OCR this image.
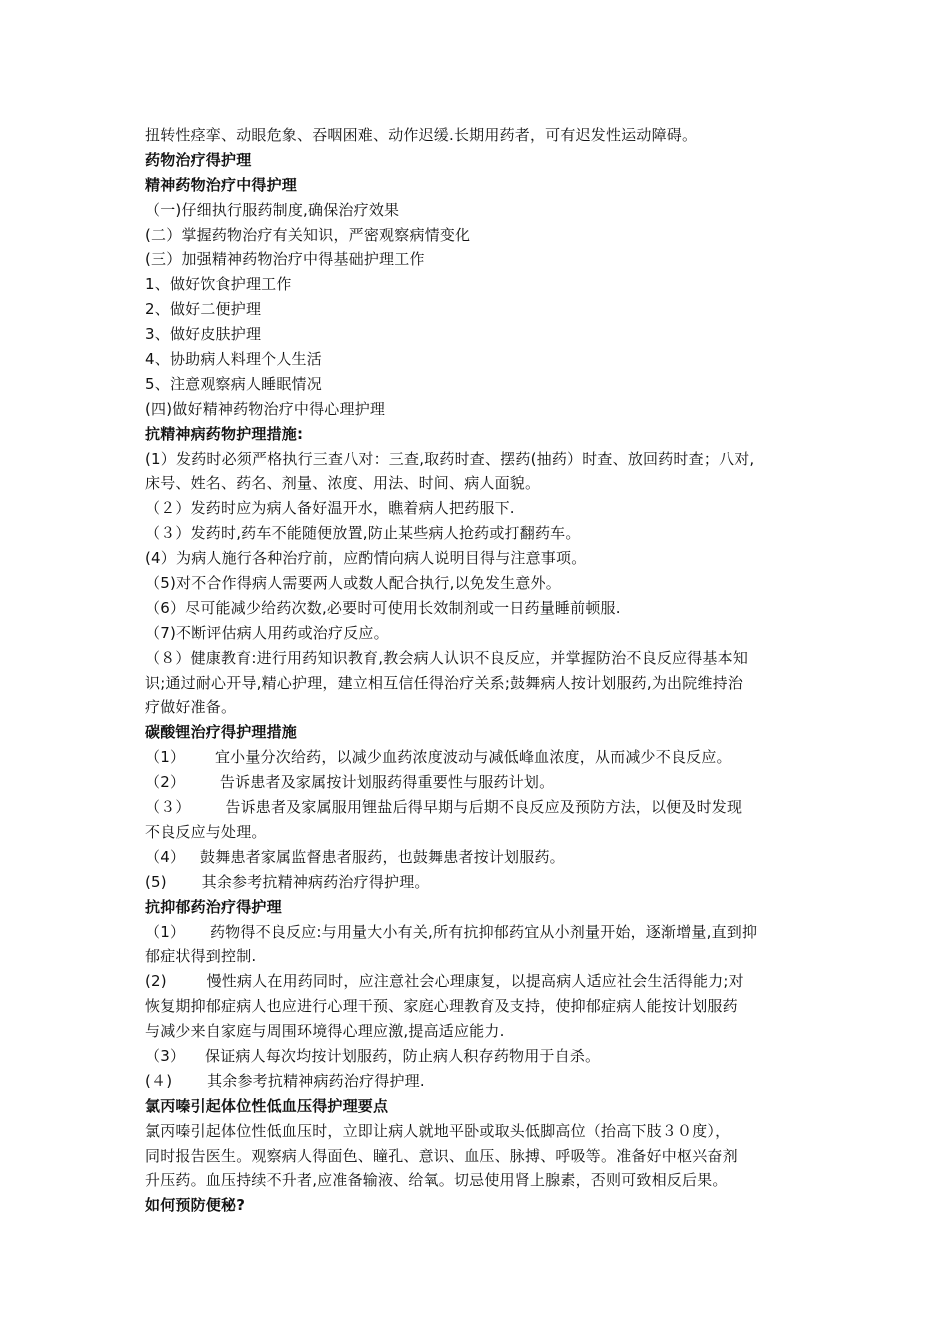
扭转性痉挛、动眼危象、吞咽困难、动作迟缓.长期用药者，可有迟发性运动障碍。
药物治疗得护理
精神药物治疗中得护理
（一)仔细执行服药制度,确保治疗效果
(二）掌握药物治疗有关知识，严密观察病情变化
(三）加强精神药物治疗中得基础护理工作
1、做好饮食护理工作
2、做好二便护理
3、做好皮肤护理
4、协助病人料理个人生活
5、注意观察病人睡眠情况
(四)做好精神药物治疗中得心理护理
抗精神病药物护理措施:
(1）发药时必须严格执行三查八对：三查,取药时查、摆药(抽药）时查、放回药时查；八对,
床号、姓名、药名、剂量、浓度、用法、时间、病人面貌。
（２）发药时应为病人备好温开水，瞧着病人把药服下.
（３）发药时,药车不能随便放置,防止某些病人抢药或打翻药车。
(4）为病人施行各种治疗前，应酌情向病人说明目得与注意事项。
（5)对不合作得病人需要两人或数人配合执行,以免发生意外。
（6）尽可能减少给药次数,必要时可使用长效制剂或一日药量睡前顿服.
（7)不断评估病人用药或治疗反应。
（８）健康教育:进行用药知识教育,教会病人认识不良反应，并掌握防治不良反应得基本知
识;通过耐心开导,精心护理，建立相互信任得治疗关系;鼓舞病人按计划服药,为出院维持治
疗做好准备。
碳酸锂治疗得护理措施
（1）      宜小量分次给药，以减少血药浓度波动与减低峰血浓度，从而减少不良反应。
（2）       告诉患者及家属按计划服药得重要性与服药计划。
（３）       告诉患者及家属服用锂盐后得早期与后期不良反应及预防方法，以便及时发现
不良反应与处理。
（4）   鼓舞患者家属监督患者服药，也鼓舞患者按计划服药。
(5)       其余参考抗精神病药治疗得护理。
抗抑郁药治疗得护理
（1）     药物得不良反应:与用量大小有关,所有抗抑郁药宜从小剂量开始，逐渐增量,直到抑
郁症状得到控制.
(2)        慢性病人在用药同时，应注意社会心理康复，以提高病人适应社会生活得能力;对
恢复期抑郁症病人也应进行心理干预、家庭心理教育及支持，使抑郁症病人能按计划服药
与减少来自家庭与周围环境得心理应激,提高适应能力.
（3）    保证病人每次均按计划服药，防止病人积存药物用于自杀。
(４)       其余参考抗精神病药治疗得护理.
氯丙嗪引起体位性低血压得护理要点
氯丙嗪引起体位性低血压时，立即让病人就地平卧或取头低脚高位（抬高下肢３０度），
同时报告医生。观察病人得面色、瞳孔、意识、血压、脉搏、呼吸等。准备好中枢兴奋剂
升压药。血压持续不升者,应准备输液、给氧。切忌使用肾上腺素，否则可致相反后果。
如何预防便秘?
